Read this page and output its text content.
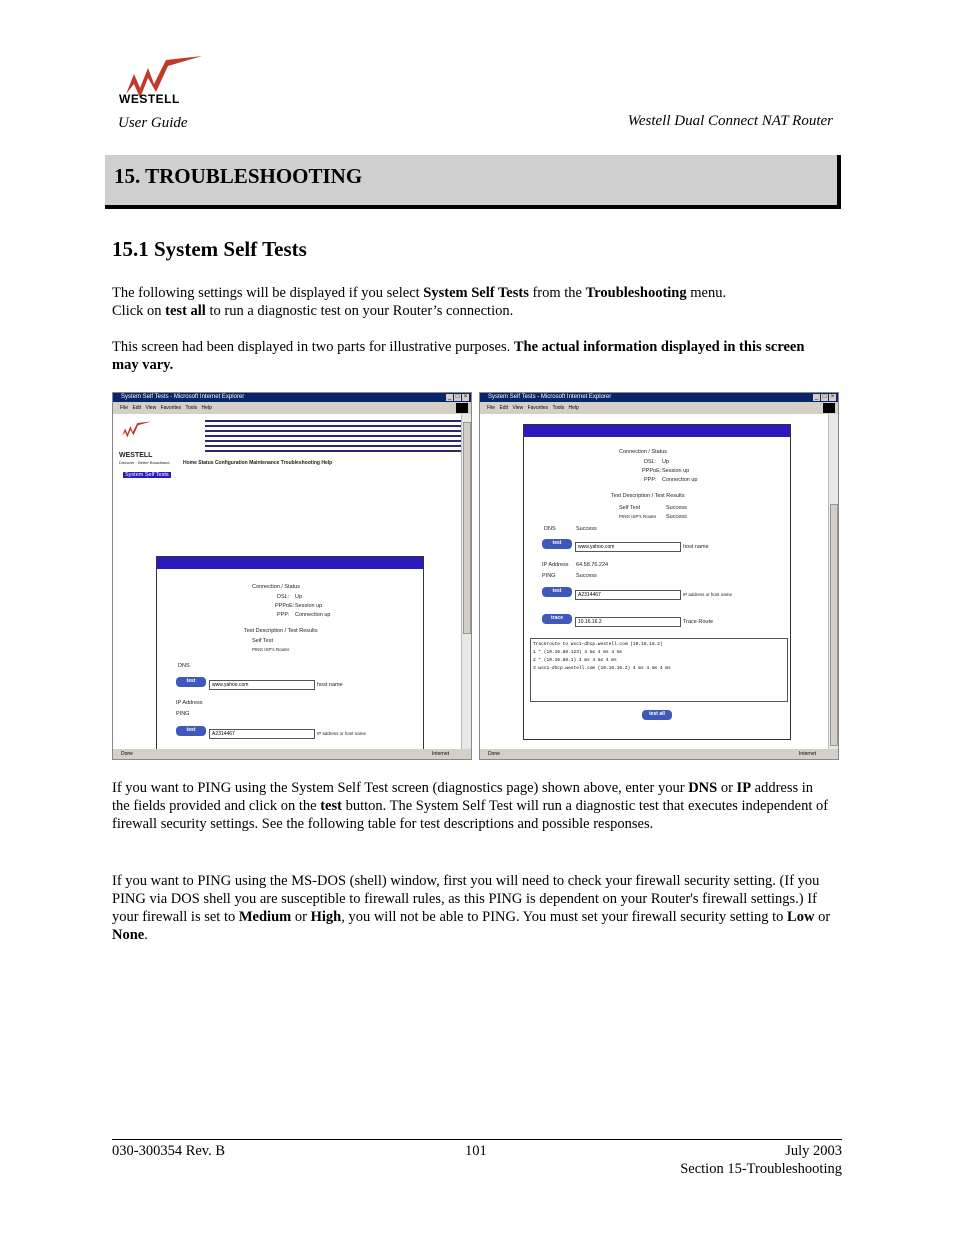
WESTELL
User Guide	Westell Dual Connect NAT Router
15. TROUBLESHOOTING
15.1 System Self Tests
The following settings will be displayed if you select System Self Tests from the Troubleshooting menu.
Click on test all to run a diagnostic test on your Router’s connection.
This screen had been displayed in two parts for illustrative purposes. The actual information displayed in this screen may vary.
System Self Tests - Microsoft Internet Explorer	_ □ ×
File Edit View Favorites Tools Help
WESTELL
Discover · Better Broadband	Home Status Configuration Maintenance Troubleshooting Help
System Self Tests
Connection / Status
DSL: Up
PPPoE: Session up
PPP: Connection up
Test Description / Test Results
Self Test
PING ISP's Router
DNS
test
www.yahoo.com	host name
IP Address
PING
test
A2314467	IP address or host name
Done	Internet
System Self Tests - Microsoft Internet Explorer	_ □ ×
File Edit View Favorites Tools Help
Connection / Status
DSL: Up
PPPoE: Session up
PPP: Connection up
Test Description / Test Results
Self Test	Success
PING ISP's Router Success
DNS	Success
test
www.yahoo.com	host name
IP Address 64.58.76.224
PING	Success
test
A2314467	IP address or host name
trace
10.16.16.2	Trace Route
Traceroute to wsc1-dhcp.westell.com (10.16.16.2)
1 * (10.16.88.123) 4 ms 4 ms 4 ms
2 * (10.16.88.1) 4 ms 4 ms 4 ms
3 wsc1-dhcp.westell.com (10.16.16.2) 4 ms 4 ms 4 ms
test all
Done	Internet
If you want to PING using the System Self Test screen (diagnostics page) shown above, enter your DNS or IP address in the fields provided and click on the test button. The System Self Test will run a diagnostic test that executes independent of firewall security settings. See the following table for test descriptions and possible responses.
If you want to PING using the MS-DOS (shell) window, first you will need to check your firewall security setting. (If you PING via DOS shell you are susceptible to firewall rules, as this PING is dependent on your Router's firewall settings.) If your firewall is set to Medium or High, you will not be able to PING. You must set your firewall security setting to Low or None.
030-300354 Rev. B	101	July 2003
Section 15-Troubleshooting
